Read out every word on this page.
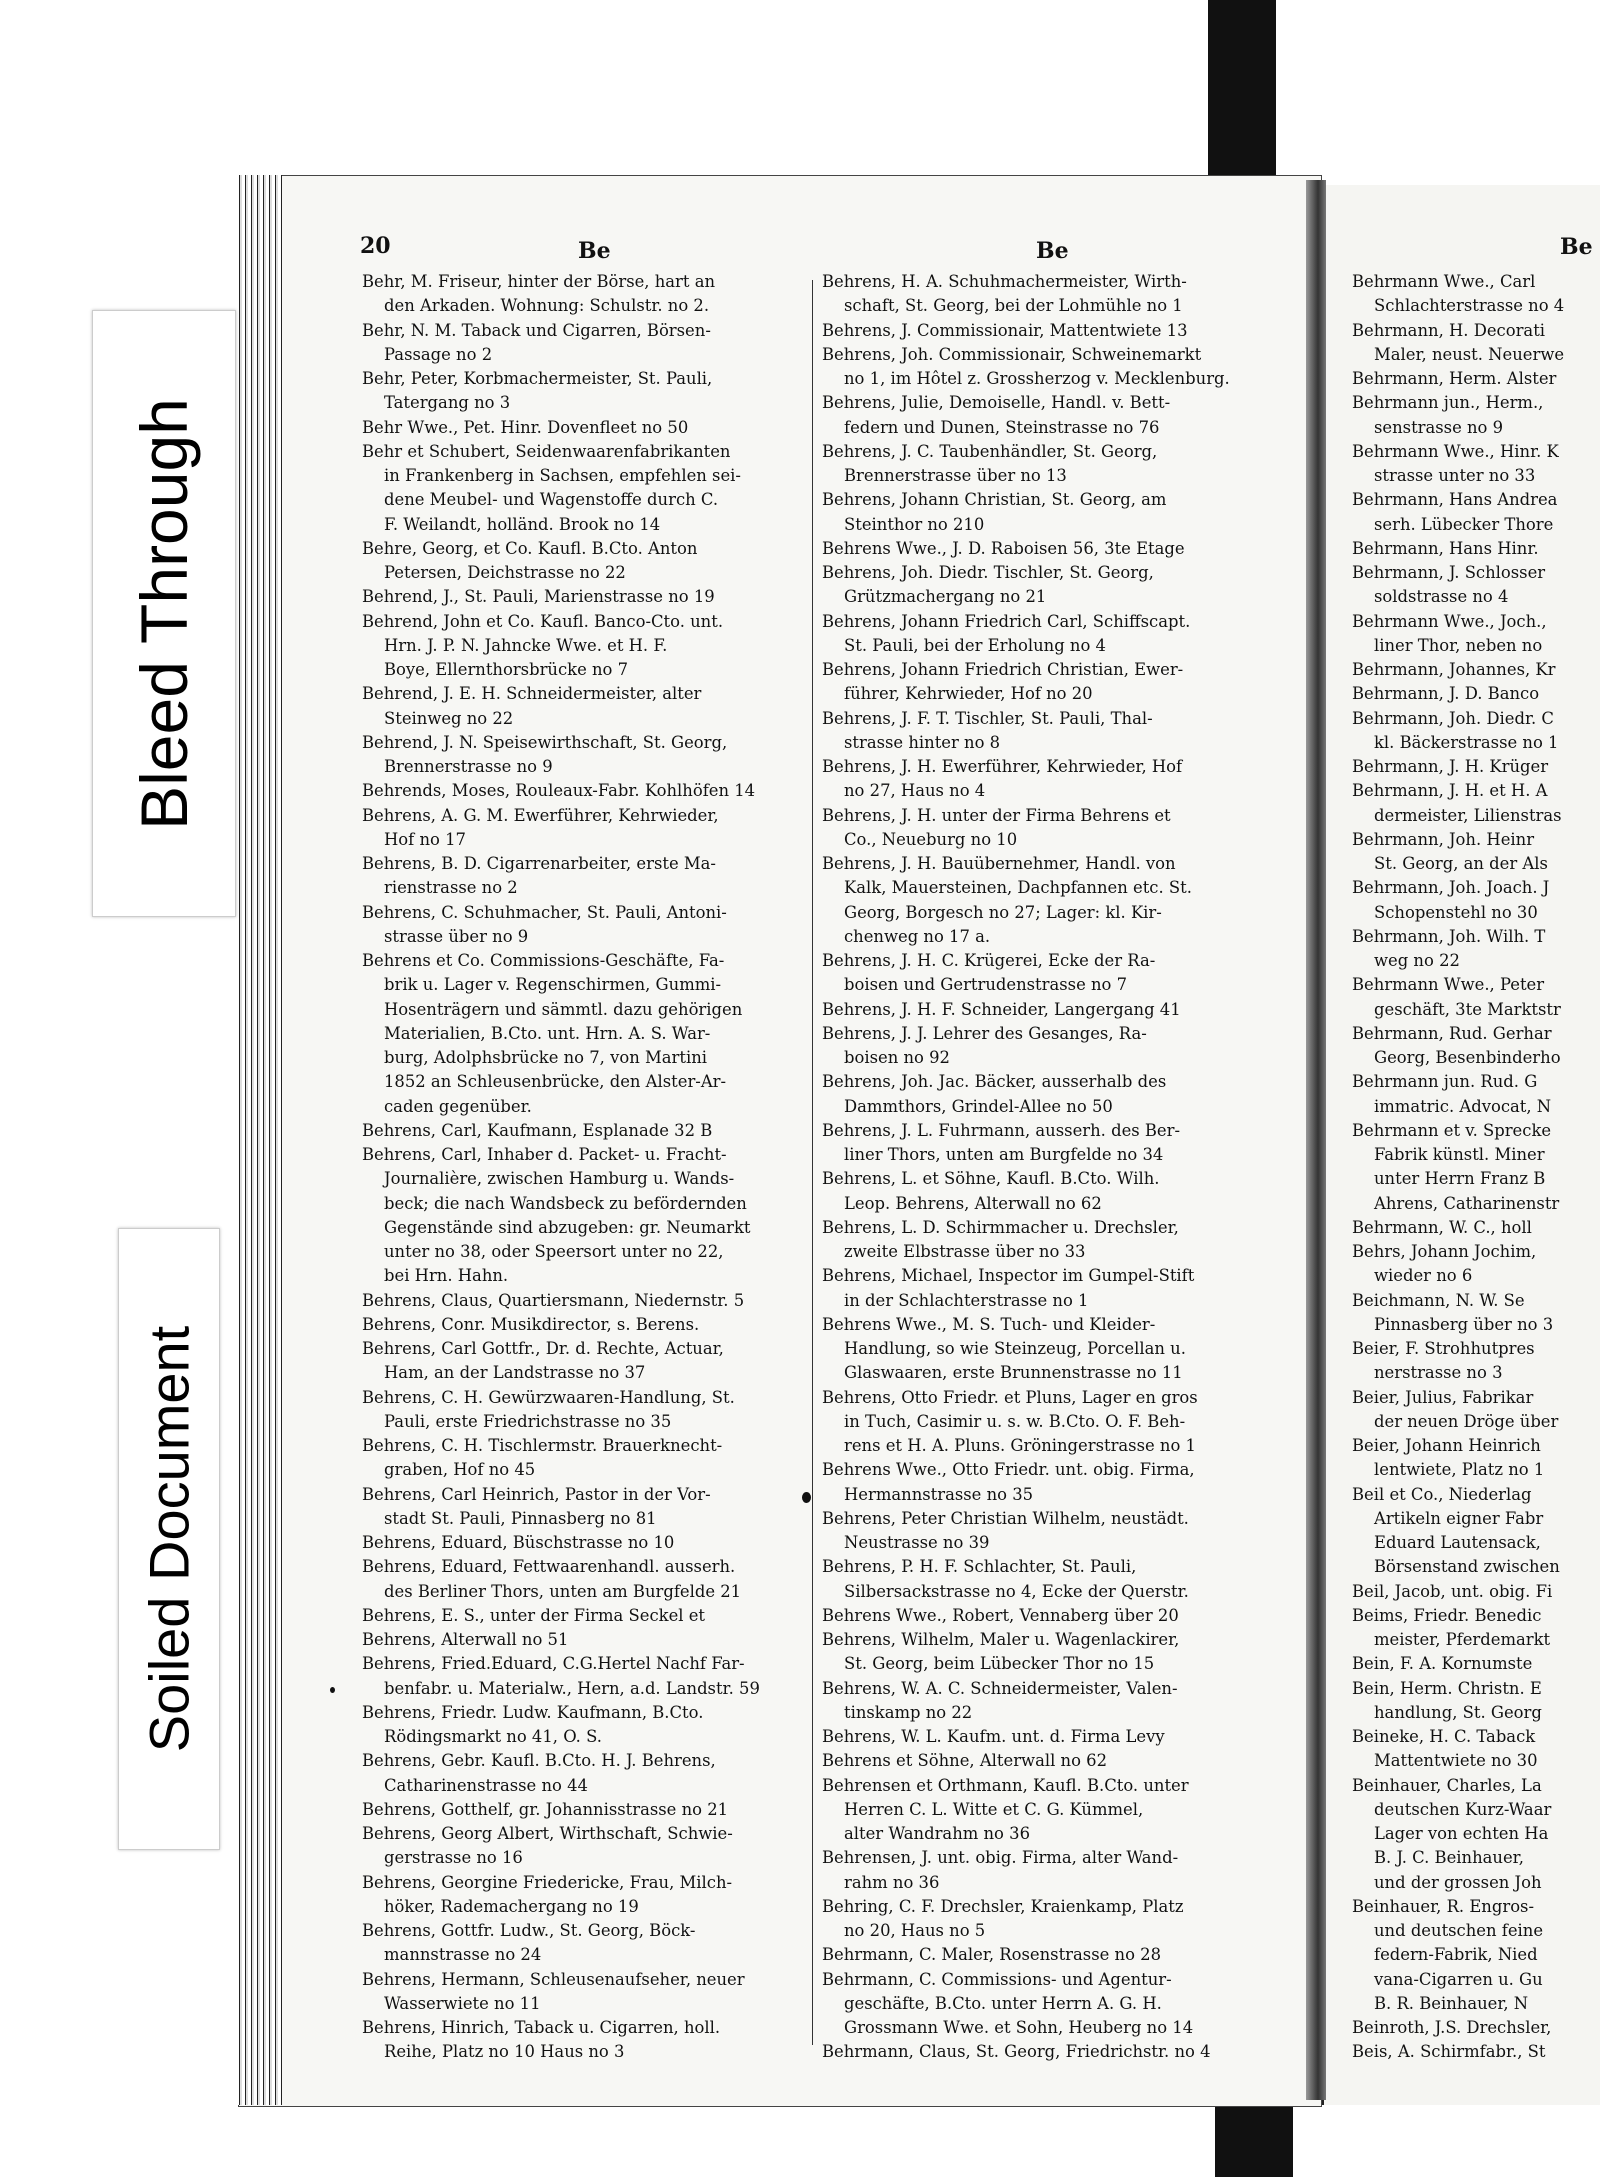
20	Be	Be	Be
Behr, M. Friseur, hinter der Börse, hart an
den Arkaden. Wohnung: Schulstr. no 2.
Behr, N. M. Taback und Cigarren, Börsen-
Passage no 2
Behr, Peter, Korbmachermeister, St. Pauli,
Tatergang no 3
Behr Wwe., Pet. Hinr. Dovenfleet no 50
Behr et Schubert, Seidenwaarenfabrikanten
in Frankenberg in Sachsen, empfehlen sei-
dene Meubel- und Wagenstoffe durch C.
F. Weilandt, holländ. Brook no 14
Behre, Georg, et Co. Kaufl. B.Cto. Anton
Petersen, Deichstrasse no 22
Behrend, J., St. Pauli, Marienstrasse no 19
Behrend, John et Co. Kaufl. Banco-Cto. unt.
Hrn. J. P. N. Jahncke Wwe. et H. F.
Boye, Ellernthorsbrücke no 7
Behrend, J. E. H. Schneidermeister, alter
Steinweg no 22
Behrend, J. N. Speisewirthschaft, St. Georg,
Brennerstrasse no 9
Behrends, Moses, Rouleaux-Fabr. Kohlhöfen 14
Behrens, A. G. M. Ewerführer, Kehrwieder,
Hof no 17
Behrens, B. D. Cigarrenarbeiter, erste Ma-
rienstrasse no 2
Behrens, C. Schuhmacher, St. Pauli, Antoni-
strasse über no 9
Behrens et Co. Commissions-Geschäfte, Fa-
brik u. Lager v. Regenschirmen, Gummi-
Hosenträgern und sämmtl. dazu gehörigen
Materialien, B.Cto. unt. Hrn. A. S. War-
burg, Adolphsbrücke no 7, von Martini
1852 an Schleusenbrücke, den Alster-Ar-
caden gegenüber.
Behrens, Carl, Kaufmann, Esplanade 32 B
Behrens, Carl, Inhaber d. Packet- u. Fracht-
Journalière, zwischen Hamburg u. Wands-
beck; die nach Wandsbeck zu befördernden
Gegenstände sind abzugeben: gr. Neumarkt
unter no 38, oder Speersort unter no 22,
bei Hrn. Hahn.
Behrens, Claus, Quartiersmann, Niedernstr. 5
Behrens, Conr. Musikdirector, s. Berens.
Behrens, Carl Gottfr., Dr. d. Rechte, Actuar,
Ham, an der Landstrasse no 37
Behrens, C. H. Gewürzwaaren-Handlung, St.
Pauli, erste Friedrichstrasse no 35
Behrens, C. H. Tischlermstr. Brauerknecht-
graben, Hof no 45
Behrens, Carl Heinrich, Pastor in der Vor-
stadt St. Pauli, Pinnasberg no 81
Behrens, Eduard, Büschstrasse no 10
Behrens, Eduard, Fettwaarenhandl. ausserh.
des Berliner Thors, unten am Burgfelde 21
Behrens, E. S., unter der Firma Seckel et
Behrens, Alterwall no 51
Behrens, Fried.Eduard, C.G.Hertel Nachf Far-
benfabr. u. Materialw., Hern, a.d. Landstr. 59
Behrens, Friedr. Ludw. Kaufmann, B.Cto.
Rödingsmarkt no 41, O. S.
Behrens, Gebr. Kaufl. B.Cto. H. J. Behrens,
Catharinenstrasse no 44
Behrens, Gotthelf, gr. Johannisstrasse no 21
Behrens, Georg Albert, Wirthschaft, Schwie-
gerstrasse no 16
Behrens, Georgine Friedericke, Frau, Milch-
höker, Rademachergang no 19
Behrens, Gottfr. Ludw., St. Georg, Böck-
mannstrasse no 24
Behrens, Hermann, Schleusenaufseher, neuer
Wasserwiete no 11
Behrens, Hinrich, Taback u. Cigarren, holl.
Reihe, Platz no 10 Haus no 3
Behrens, H. A. Schuhmachermeister, Wirth-
schaft, St. Georg, bei der Lohmühle no 1
Behrens, J. Commissionair, Mattentwiete 13
Behrens, Joh. Commissionair, Schweinemarkt
no 1, im Hôtel z. Grossherzog v. Mecklenburg.
Behrens, Julie, Demoiselle, Handl. v. Bett-
federn und Dunen, Steinstrasse no 76
Behrens, J. C. Taubenhändler, St. Georg,
Brennerstrasse über no 13
Behrens, Johann Christian, St. Georg, am
Steinthor no 210
Behrens Wwe., J. D. Raboisen 56, 3te Etage
Behrens, Joh. Diedr. Tischler, St. Georg,
Grützmachergang no 21
Behrens, Johann Friedrich Carl, Schiffscapt.
St. Pauli, bei der Erholung no 4
Behrens, Johann Friedrich Christian, Ewer-
führer, Kehrwieder, Hof no 20
Behrens, J. F. T. Tischler, St. Pauli, Thal-
strasse hinter no 8
Behrens, J. H. Ewerführer, Kehrwieder, Hof
no 27, Haus no 4
Behrens, J. H. unter der Firma Behrens et
Co., Neueburg no 10
Behrens, J. H. Bauübernehmer, Handl. von
Kalk, Mauersteinen, Dachpfannen etc. St.
Georg, Borgesch no 27; Lager: kl. Kir-
chenweg no 17 a.
Behrens, J. H. C. Krügerei, Ecke der Ra-
boisen und Gertrudenstrasse no 7
Behrens, J. H. F. Schneider, Langergang 41
Behrens, J. J. Lehrer des Gesanges, Ra-
boisen no 92
Behrens, Joh. Jac. Bäcker, ausserhalb des
Dammthors, Grindel-Allee no 50
Behrens, J. L. Fuhrmann, ausserh. des Ber-
liner Thors, unten am Burgfelde no 34
Behrens, L. et Söhne, Kaufl. B.Cto. Wilh.
Leop. Behrens, Alterwall no 62
Behrens, L. D. Schirmmacher u. Drechsler,
zweite Elbstrasse über no 33
Behrens, Michael, Inspector im Gumpel-Stift
in der Schlachterstrasse no 1
Behrens Wwe., M. S. Tuch- und Kleider-
Handlung, so wie Steinzeug, Porcellan u.
Glaswaaren, erste Brunnenstrasse no 11
Behrens, Otto Friedr. et Pluns, Lager en gros
in Tuch, Casimir u. s. w. B.Cto. O. F. Beh-
rens et H. A. Pluns. Gröningerstrasse no 1
Behrens Wwe., Otto Friedr. unt. obig. Firma,
Hermannstrasse no 35
Behrens, Peter Christian Wilhelm, neustädt.
Neustrasse no 39
Behrens, P. H. F. Schlachter, St. Pauli,
Silbersackstrasse no 4, Ecke der Querstr.
Behrens Wwe., Robert, Vennaberg über 20
Behrens, Wilhelm, Maler u. Wagenlackirer,
St. Georg, beim Lübecker Thor no 15
Behrens, W. A. C. Schneidermeister, Valen-
tinskamp no 22
Behrens, W. L. Kaufm. unt. d. Firma Levy
Behrens et Söhne, Alterwall no 62
Behrensen et Orthmann, Kaufl. B.Cto. unter
Herren C. L. Witte et C. G. Kümmel,
alter Wandrahm no 36
Behrensen, J. unt. obig. Firma, alter Wand-
rahm no 36
Behring, C. F. Drechsler, Kraienkamp, Platz
no 20, Haus no 5
Behrmann, C. Maler, Rosenstrasse no 28
Behrmann, C. Commissions- und Agentur-
geschäfte, B.Cto. unter Herrn A. G. H.
Grossmann Wwe. et Sohn, Heuberg no 14
Behrmann, Claus, St. Georg, Friedrichstr. no 4
Behrmann Wwe., Carl
Schlachterstrasse no 4
Behrmann, H. Decorati
Maler, neust. Neuerwe
Behrmann, Herm. Alster
Behrmann jun., Herm.,
senstrasse no 9
Behrmann Wwe., Hinr. K
strasse unter no 33
Behrmann, Hans Andrea
serh. Lübecker Thore
Behrmann, Hans Hinr.
Behrmann, J. Schlosser
soldstrasse no 4
Behrmann Wwe., Joch.,
liner Thor, neben no
Behrmann, Johannes, Kr
Behrmann, J. D. Banco
Behrmann, Joh. Diedr. C
kl. Bäckerstrasse no 1
Behrmann, J. H. Krüger
Behrmann, J. H. et H. A
dermeister, Lilienstras
Behrmann, Joh. Heinr
St. Georg, an der Als
Behrmann, Joh. Joach. J
Schopenstehl no 30
Behrmann, Joh. Wilh. T
weg no 22
Behrmann Wwe., Peter
geschäft, 3te Marktstr
Behrmann, Rud. Gerhar
Georg, Besenbinderho
Behrmann jun. Rud. G
immatric. Advocat, N
Behrmann et v. Sprecke
Fabrik künstl. Miner
unter Herrn Franz B
Ahrens, Catharinenstr
Behrmann, W. C., holl
Behrs, Johann Jochim,
wieder no 6
Beichmann, N. W. Se
Pinnasberg über no 3
Beier, F. Strohhutpres
nerstrasse no 3
Beier, Julius, Fabrikar
der neuen Dröge über
Beier, Johann Heinrich
lentwiete, Platz no 1
Beil et Co., Niederlag
Artikeln eigner Fabr
Eduard Lautensack,
Börsenstand zwischen
Beil, Jacob, unt. obig. Fi
Beims, Friedr. Benedic
meister, Pferdemarkt
Bein, F. A. Kornumste
Bein, Herm. Christn. E
handlung, St. Georg
Beineke, H. C. Taback
Mattentwiete no 30
Beinhauer, Charles, La
deutschen Kurz-Waar
Lager von echten Ha
B. J. C. Beinhauer,
und der grossen Joh
Beinhauer, R. Engros-
und deutschen feine
federn-Fabrik, Nied
vana-Cigarren u. Gu
B. R. Beinhauer, N
Beinroth, J.S. Drechsler,
Beis, A. Schirmfabr., St
Bleed Through
Soiled Document
